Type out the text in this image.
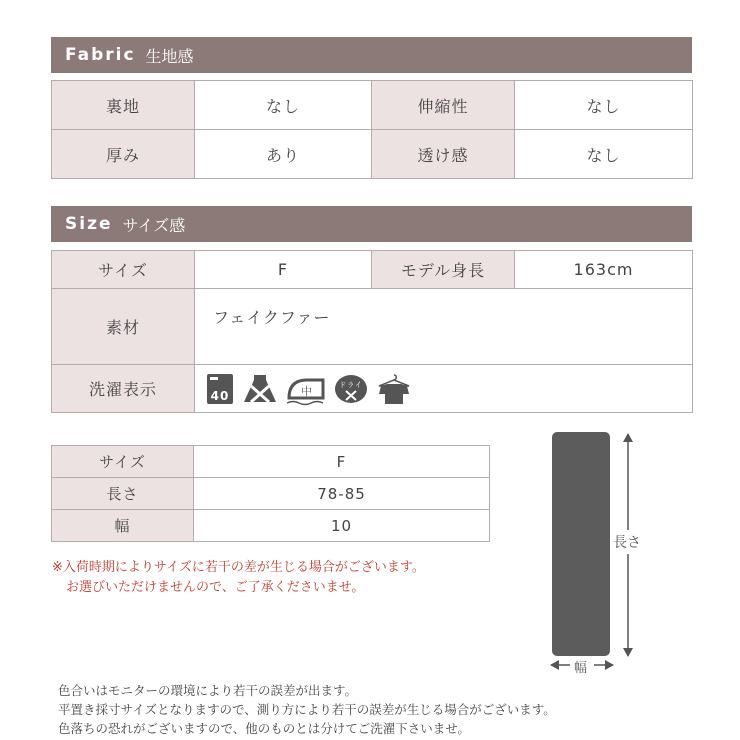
Fabric 生地感
裏地	なし	伸縮性	なし
厚み	あり	透け感	なし
Size サイズ感
サイズ	F	モデル身長	163cm
素材	フェイクファー		
洗濯表示	40
中
ドライ		

サイズ	F
長さ	78-85
幅	10
※入荷時期によりサイズに若干の差が生じる場合がございます。
お選びいただけませんので、ご了承くださいませ。
長さ
幅
色合いはモニターの環境により若干の誤差が出ます。
平置き採寸サイズとなりますので、測り方により若干の誤差が生じる場合がございます。
色落ちの恐れがございますので、他のものとは分けてご洗濯下さいませ。
